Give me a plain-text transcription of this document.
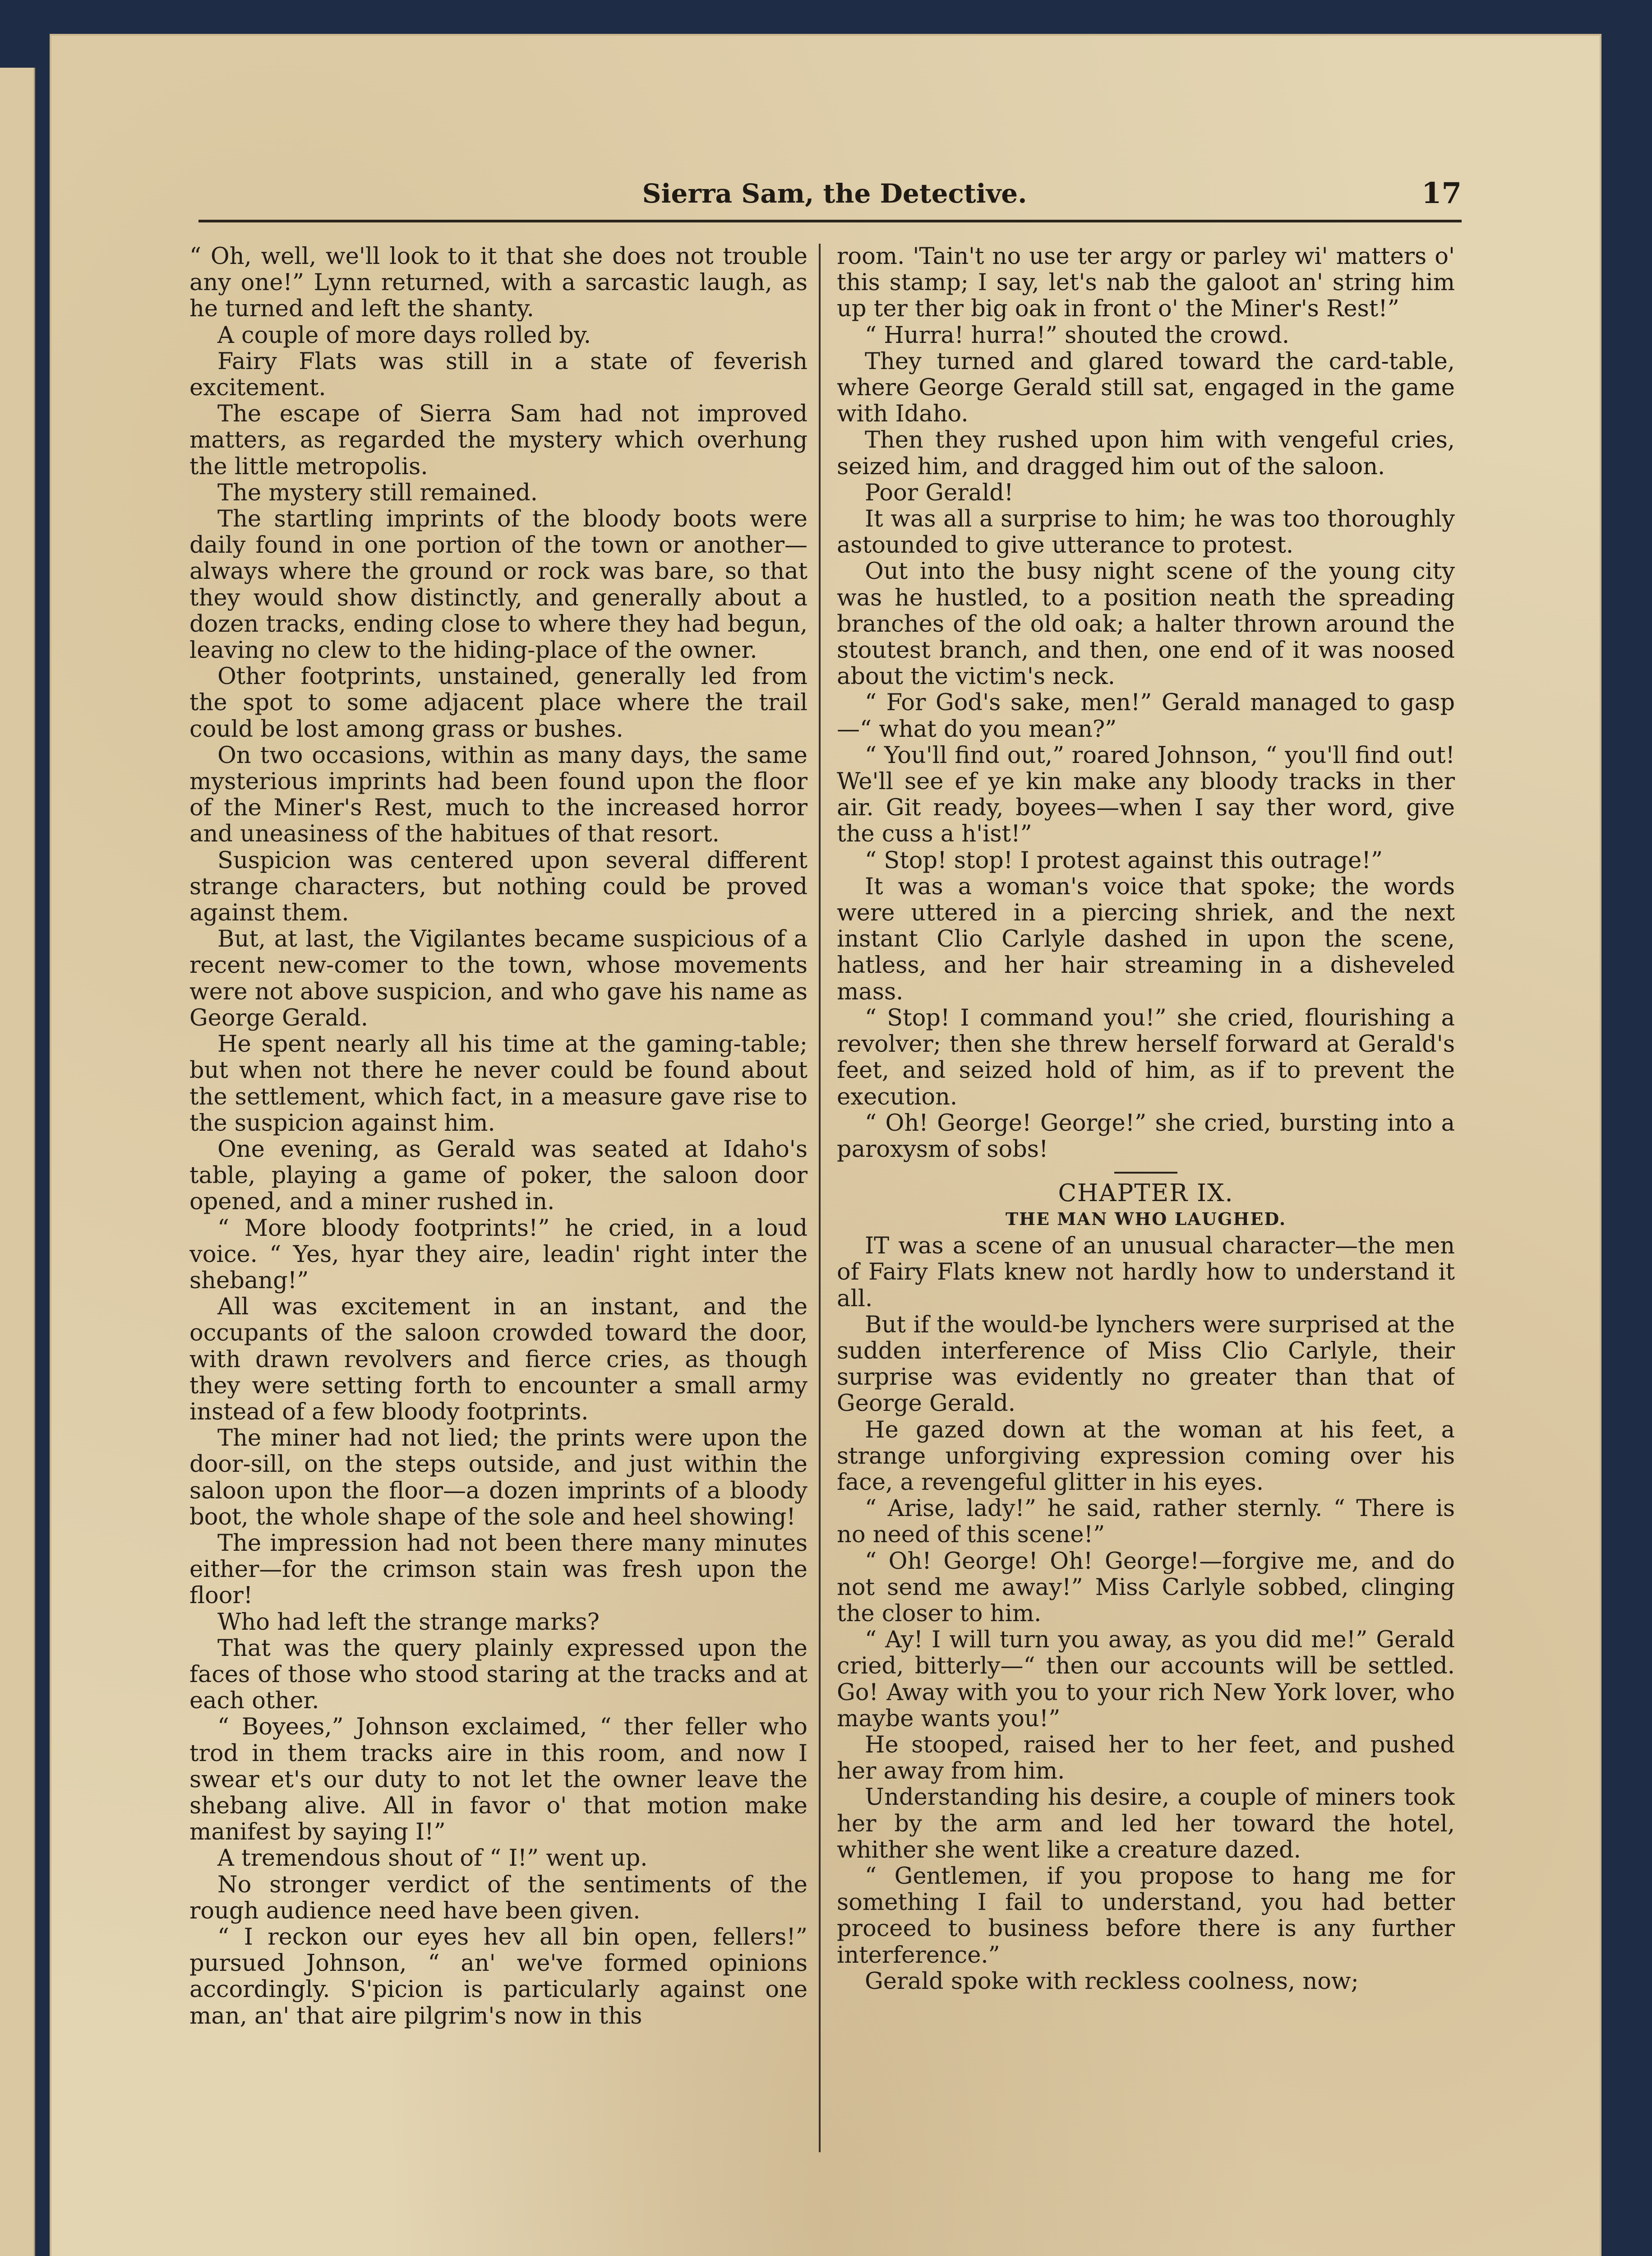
Sierra Sam, the Detective.	17

“ Oh, well, we'll look to it that she does not trouble any one!” Lynn returned, with a sarcastic laugh, as he turned and left the shanty.

A couple of more days rolled by.

Fairy Flats was still in a state of feverish excitement.

The escape of Sierra Sam had not improved matters, as regarded the mystery which overhung the little metropolis.

The mystery still remained.

The startling imprints of the bloody boots were daily found in one portion of the town or another—always where the ground or rock was bare, so that they would show distinctly, and generally about a dozen tracks, ending close to where they had begun, leaving no clew to the hiding-place of the owner.

Other footprints, unstained, generally led from the spot to some adjacent place where the trail could be lost among grass or bushes.

On two occasions, within as many days, the same mysterious imprints had been found upon the floor of the Miner's Rest, much to the increased horror and uneasiness of the habitues of that resort.

Suspicion was centered upon several different strange characters, but nothing could be proved against them.

But, at last, the Vigilantes became suspicious of a recent new-comer to the town, whose movements were not above suspicion, and who gave his name as George Gerald.

He spent nearly all his time at the gaming-table; but when not there he never could be found about the settlement, which fact, in a measure gave rise to the suspicion against him.

One evening, as Gerald was seated at Idaho's table, playing a game of poker, the saloon door opened, and a miner rushed in.

“ More bloody footprints!” he cried, in a loud voice. “ Yes, hyar they aire, leadin' right inter the shebang!”

All was excitement in an instant, and the occupants of the saloon crowded toward the door, with drawn revolvers and fierce cries, as though they were setting forth to encounter a small army instead of a few bloody footprints.

The miner had not lied; the prints were upon the door-sill, on the steps outside, and just within the saloon upon the floor—a dozen imprints of a bloody boot, the whole shape of the sole and heel showing!

The impression had not been there many minutes either—for the crimson stain was fresh upon the floor!

Who had left the strange marks?

That was the query plainly expressed upon the faces of those who stood staring at the tracks and at each other.

“ Boyees,” Johnson exclaimed, “ ther feller who trod in them tracks aire in this room, and now I swear et's our duty to not let the owner leave the shebang alive. All in favor o' that motion make manifest by saying I!”

A tremendous shout of “ I!” went up.

No stronger verdict of the sentiments of the rough audience need have been given.

“ I reckon our eyes hev all bin open, fellers!” pursued Johnson, “ an' we've formed opinions accordingly. S'picion is particularly against one man, an' that aire pilgrim's now in this

room. 'Tain't no use ter argy or parley wi' matters o' this stamp; I say, let's nab the galoot an' string him up ter ther big oak in front o' the Miner's Rest!”

“ Hurra! hurra!” shouted the crowd.

They turned and glared toward the card-table, where George Gerald still sat, engaged in the game with Idaho.

Then they rushed upon him with vengeful cries, seized him, and dragged him out of the saloon.

Poor Gerald!

It was all a surprise to him; he was too thoroughly astounded to give utterance to protest.

Out into the busy night scene of the young city was he hustled, to a position neath the spreading branches of the old oak; a halter thrown around the stoutest branch, and then, one end of it was noosed about the victim's neck.

“ For God's sake, men!” Gerald managed to gasp—“ what do you mean?”

“ You'll find out,” roared Johnson, “ you'll find out! We'll see ef ye kin make any bloody tracks in ther air. Git ready, boyees—when I say ther word, give the cuss a h'ist!”

“ Stop! stop! I protest against this outrage!”

It was a woman's voice that spoke; the words were uttered in a piercing shriek, and the next instant Clio Carlyle dashed in upon the scene, hatless, and her hair streaming in a disheveled mass.

“ Stop! I command you!” she cried, flourishing a revolver; then she threw herself forward at Gerald's feet, and seized hold of him, as if to prevent the execution.

“ Oh! George! George!” she cried, bursting into a paroxysm of sobs!

CHAPTER IX.
THE MAN WHO LAUGHED.

IT was a scene of an unusual character—the men of Fairy Flats knew not hardly how to understand it all.

But if the would-be lynchers were surprised at the sudden interference of Miss Clio Carlyle, their surprise was evidently no greater than that of George Gerald.

He gazed down at the woman at his feet, a strange unforgiving expression coming over his face, a revengeful glitter in his eyes.

“ Arise, lady!” he said, rather sternly. “ There is no need of this scene!”

“ Oh! George! Oh! George!—forgive me, and do not send me away!” Miss Carlyle sobbed, clinging the closer to him.

“ Ay! I will turn you away, as you did me!” Gerald cried, bitterly—“ then our accounts will be settled. Go! Away with you to your rich New York lover, who maybe wants you!”

He stooped, raised her to her feet, and pushed her away from him.

Understanding his desire, a couple of miners took her by the arm and led her toward the hotel, whither she went like a creature dazed.

“ Gentlemen, if you propose to hang me for something I fail to understand, you had better proceed to business before there is any further interference.”

Gerald spoke with reckless coolness, now;
